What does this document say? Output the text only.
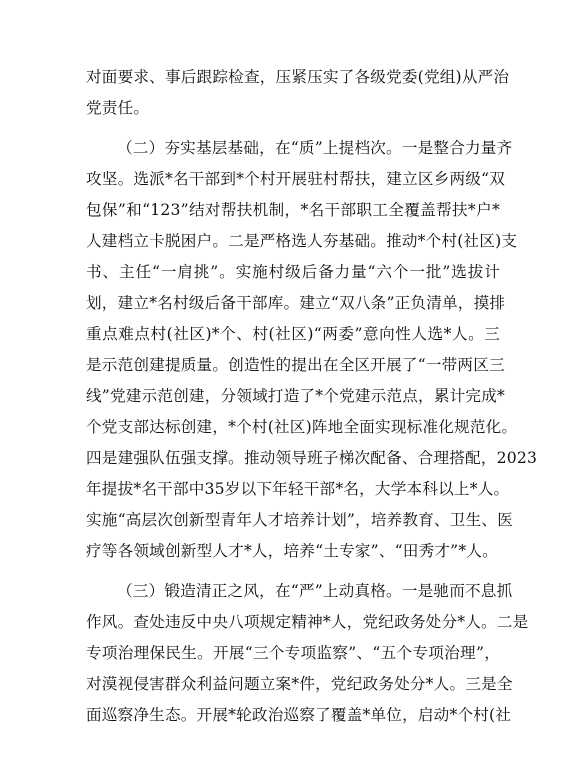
对面要求、事后跟踪检查，压紧压实了各级党委(党组)从严治
党责任。
（二）夯实基层基础，在“质”上提档次。一是整合力量齐
攻坚。选派*名干部到*个村开展驻村帮扶，建立区乡两级“双
包保”和“123”结对帮扶机制，*名干部职工全覆盖帮扶*户*
人建档立卡脱困户。二是严格选人夯基础。推动*个村(社区)支
书、主任“一肩挑”。实施村级后备力量“六个一批”选拔计
划，建立*名村级后备干部库。建立“双八条”正负清单，摸排
重点难点村(社区)*个、村(社区)“两委”意向性人选*人。三
是示范创建提质量。创造性的提出在全区开展了“一带两区三
线”党建示范创建，分领域打造了*个党建示范点，累计完成*
个党支部达标创建，*个村(社区)阵地全面实现标准化规范化。
四是建强队伍强支撑。推动领导班子梯次配备、合理搭配，2023
年提拔*名干部中35岁以下年轻干部*名，大学本科以上*人。
实施“高层次创新型青年人才培养计划”，培养教育、卫生、医
疗等各领域创新型人才*人，培养“土专家”、“田秀才”*人。
（三）锻造清正之风，在“严”上动真格。一是驰而不息抓
作风。查处违反中央八项规定精神*人，党纪政务处分*人。二是
专项治理保民生。开展“三个专项监察”、“五个专项治理”，
对漠视侵害群众利益问题立案*件，党纪政务处分*人。三是全
面巡察净生态。开展*轮政治巡察了覆盖*单位，启动*个村(社
